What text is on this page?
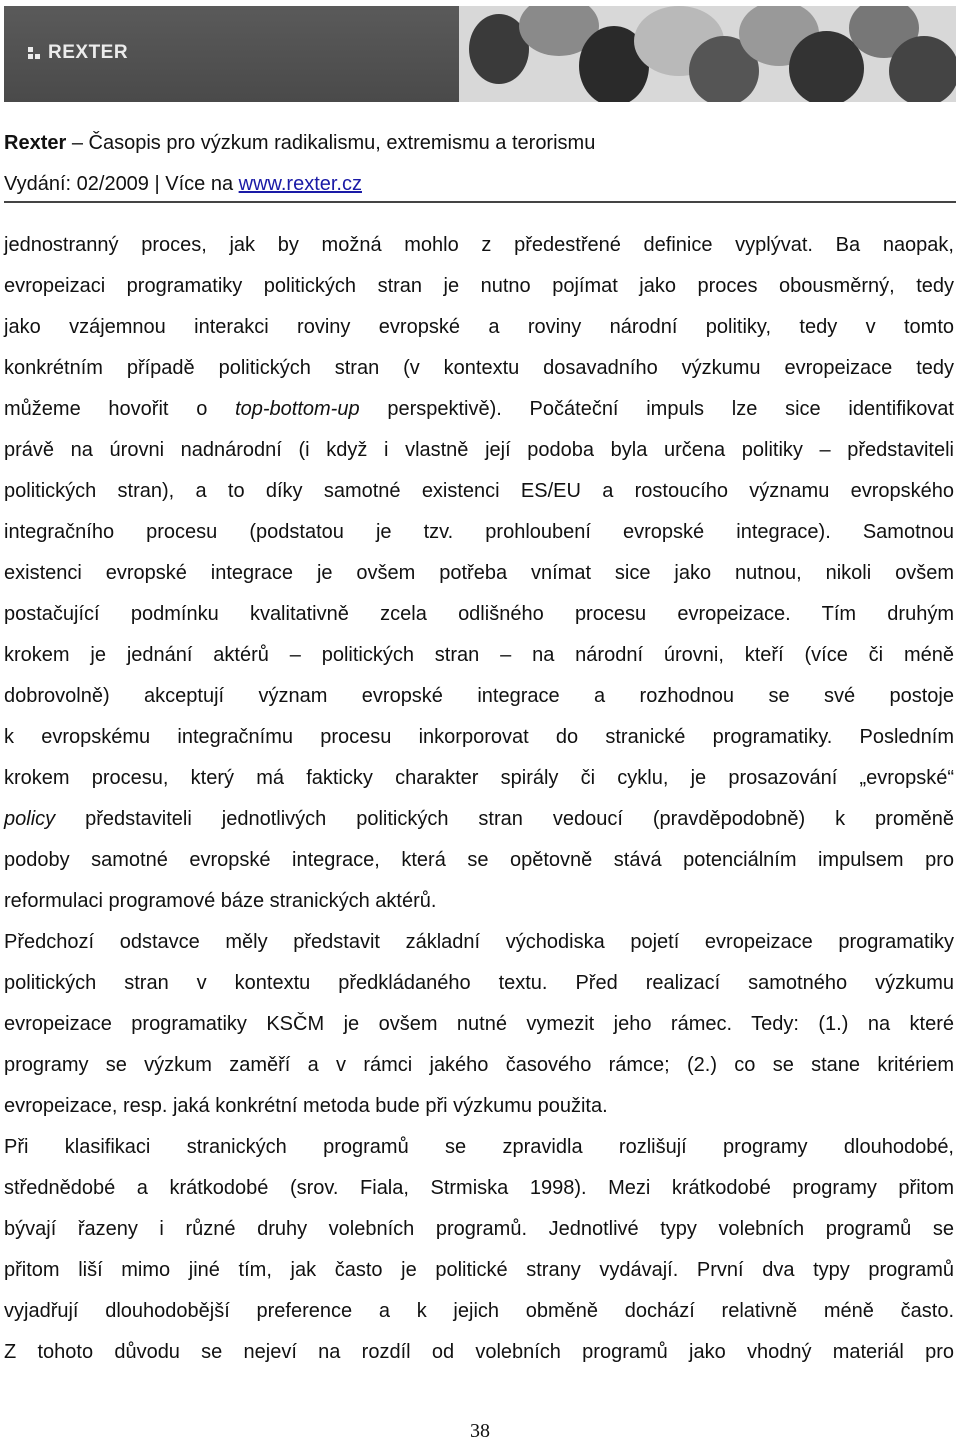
REXTER
Rexter – Časopis pro výzkum radikalismu, extremismu a terorismu
Vydání: 02/2009 | Více na www.rexter.cz
jednostranný proces, jak by možná mohlo z předestřené definice vyplývat. Ba naopak,
evropeizaci programatiky politických stran je nutno pojímat jako proces obousměrný, tedy
jako vzájemnou interakci roviny evropské a roviny národní politiky, tedy v tomto
konkrétním případě politických stran (v kontextu dosavadního výzkumu evropeizace tedy
můžeme hovořit o top-bottom-up perspektivě). Počáteční impuls lze sice identifikovat
právě na úrovni nadnárodní (i když i vlastně její podoba byla určena politiky – představiteli
politických stran), a to díky samotné existenci ES/EU a rostoucího významu evropského
integračního procesu (podstatou je tzv. prohloubení evropské integrace). Samotnou
existenci evropské integrace je ovšem potřeba vnímat sice jako nutnou, nikoli ovšem
postačující podmínku kvalitativně zcela odlišného procesu evropeizace. Tím druhým
krokem je jednání aktérů – politických stran – na národní úrovni, kteří (více či méně
dobrovolně) akceptují význam evropské integrace a rozhodnou se své postoje
k evropskému integračnímu procesu inkorporovat do stranické programatiky. Posledním
krokem procesu, který má fakticky charakter spirály či cyklu, je prosazování „evropské“
policy představiteli jednotlivých politických stran vedoucí (pravděpodobně) k proměně
podoby samotné evropské integrace, která se opětovně stává potenciálním impulsem pro
reformulaci programové báze stranických aktérů.
Předchozí odstavce měly představit základní východiska pojetí evropeizace programatiky
politických stran v kontextu předkládaného textu. Před realizací samotného výzkumu
evropeizace programatiky KSČM je ovšem nutné vymezit jeho rámec. Tedy: (1.) na které
programy se výzkum zaměří a v rámci jakého časového rámce; (2.) co se stane kritériem
evropeizace, resp. jaká konkrétní metoda bude při výzkumu použita.
Při klasifikaci stranických programů se zpravidla rozlišují programy dlouhodobé,
střednědobé a krátkodobé (srov. Fiala, Strmiska 1998). Mezi krátkodobé programy přitom
bývají řazeny i různé druhy volebních programů. Jednotlivé typy volebních programů se
přitom liší mimo jiné tím, jak často je politické strany vydávají. První dva typy programů
vyjadřují dlouhodobější preference a k jejich obměně dochází relativně méně často.
Z tohoto důvodu se nejeví na rozdíl od volebních programů jako vhodný materiál pro
38
